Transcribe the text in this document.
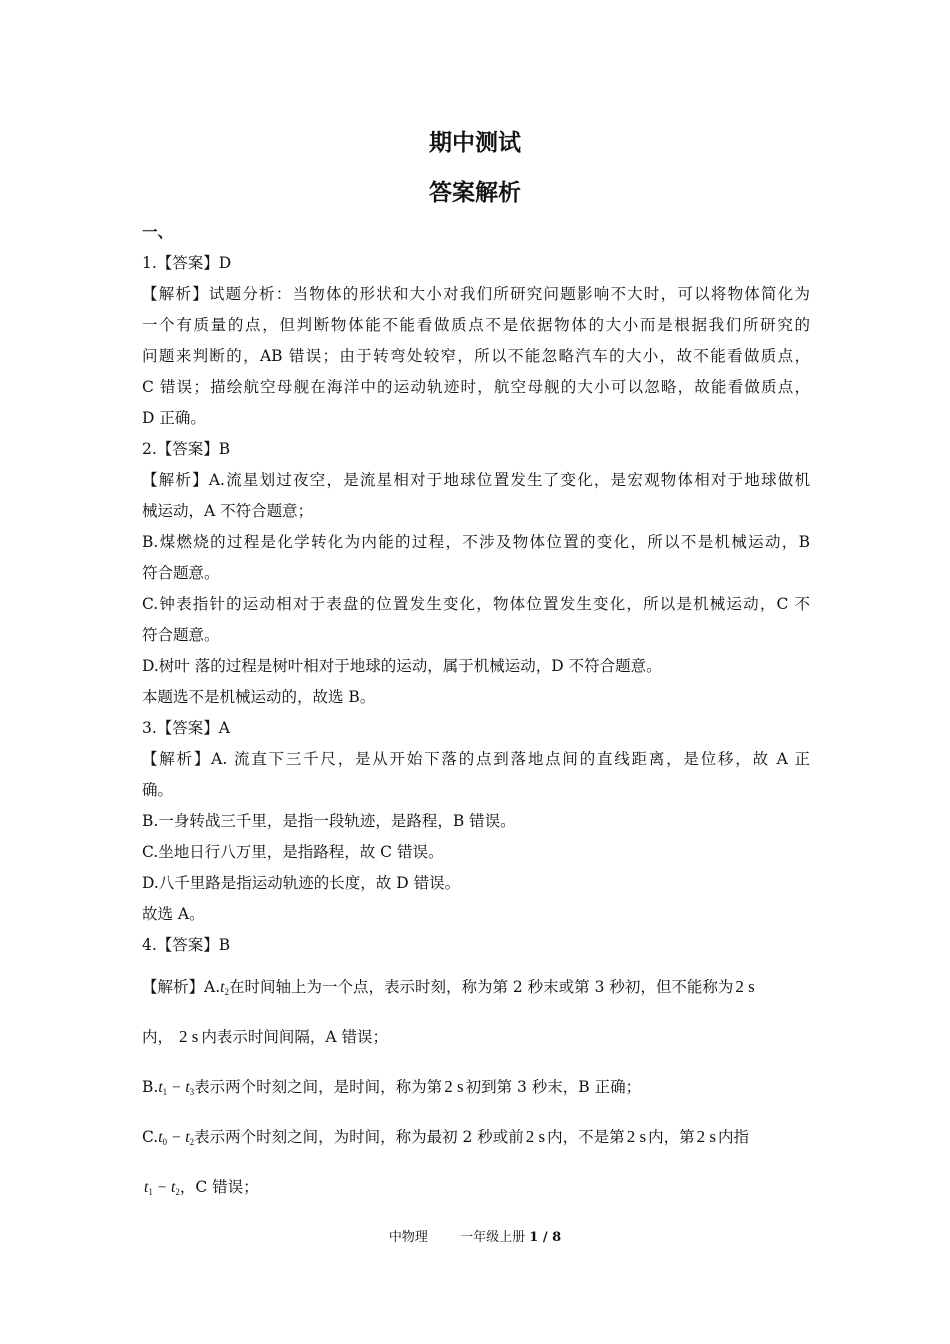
期中测试
答案解析
一、
1.【答案】D
【解析】试题分析：当物体的形状和大小对我们所研究问题影响不大时，可以将物体简化为
一个有质量的点，但判断物体能不能看做质点不是依据物体的大小而是根据我们所研究的
问题来判断的，AB 错误；由于转弯处较窄，所以不能忽略汽车的大小，故不能看做质点，
C 错误；描绘航空母舰在海洋中的运动轨迹时，航空母舰的大小可以忽略，故能看做质点，
D 正确。
2.【答案】B
【解析】A.流星划过夜空，是流星相对于地球位置发生了变化，是宏观物体相对于地球做机
械运动，A 不符合题意；
B.煤燃烧的过程是化学转化为内能的过程，不涉及物体位置的变化，所以不是机械运动，B
符合题意。
C.钟表指针的运动相对于表盘的位置发生变化，物体位置发生变化，所以是机械运动，C 不
符合题意。
D.树叶 落的过程是树叶相对于地球的运动，属于机械运动，D 不符合题意。
本题选不是机械运动的，故选 B。
3.【答案】A
【解析】A. 流直下三千尺，是从开始下落的点到落地点间的直线距离，是位移，故 A 正
确。
B.一身转战三千里，是指一段轨迹，是路程，B 错误。
C.坐地日行八万里，是指路程，故 C 错误。
D.八千里路是指运动轨迹的长度，故 D 错误。
故选 A。
4.【答案】B
【解析】$A.t_2$在时间轴上为一个点，表示时刻，称为第 2 秒末或第 3 秒初，但不能称为 2 s
内， 2 s 内表示时间间隔，A 错误；
$B.t_1 - t_3$表示两个时刻之间，是时间，称为第 2 s 初到第 3 秒末，B 正确；
$C.t_0 - t_2$表示两个时刻之间，为时间，称为最初 2 秒或前 2 s 内，不是第 2 s 内，第 2 s 内指
$t_1 - t_2$，C 错误；
中物理 一年级上册 1 / 8
